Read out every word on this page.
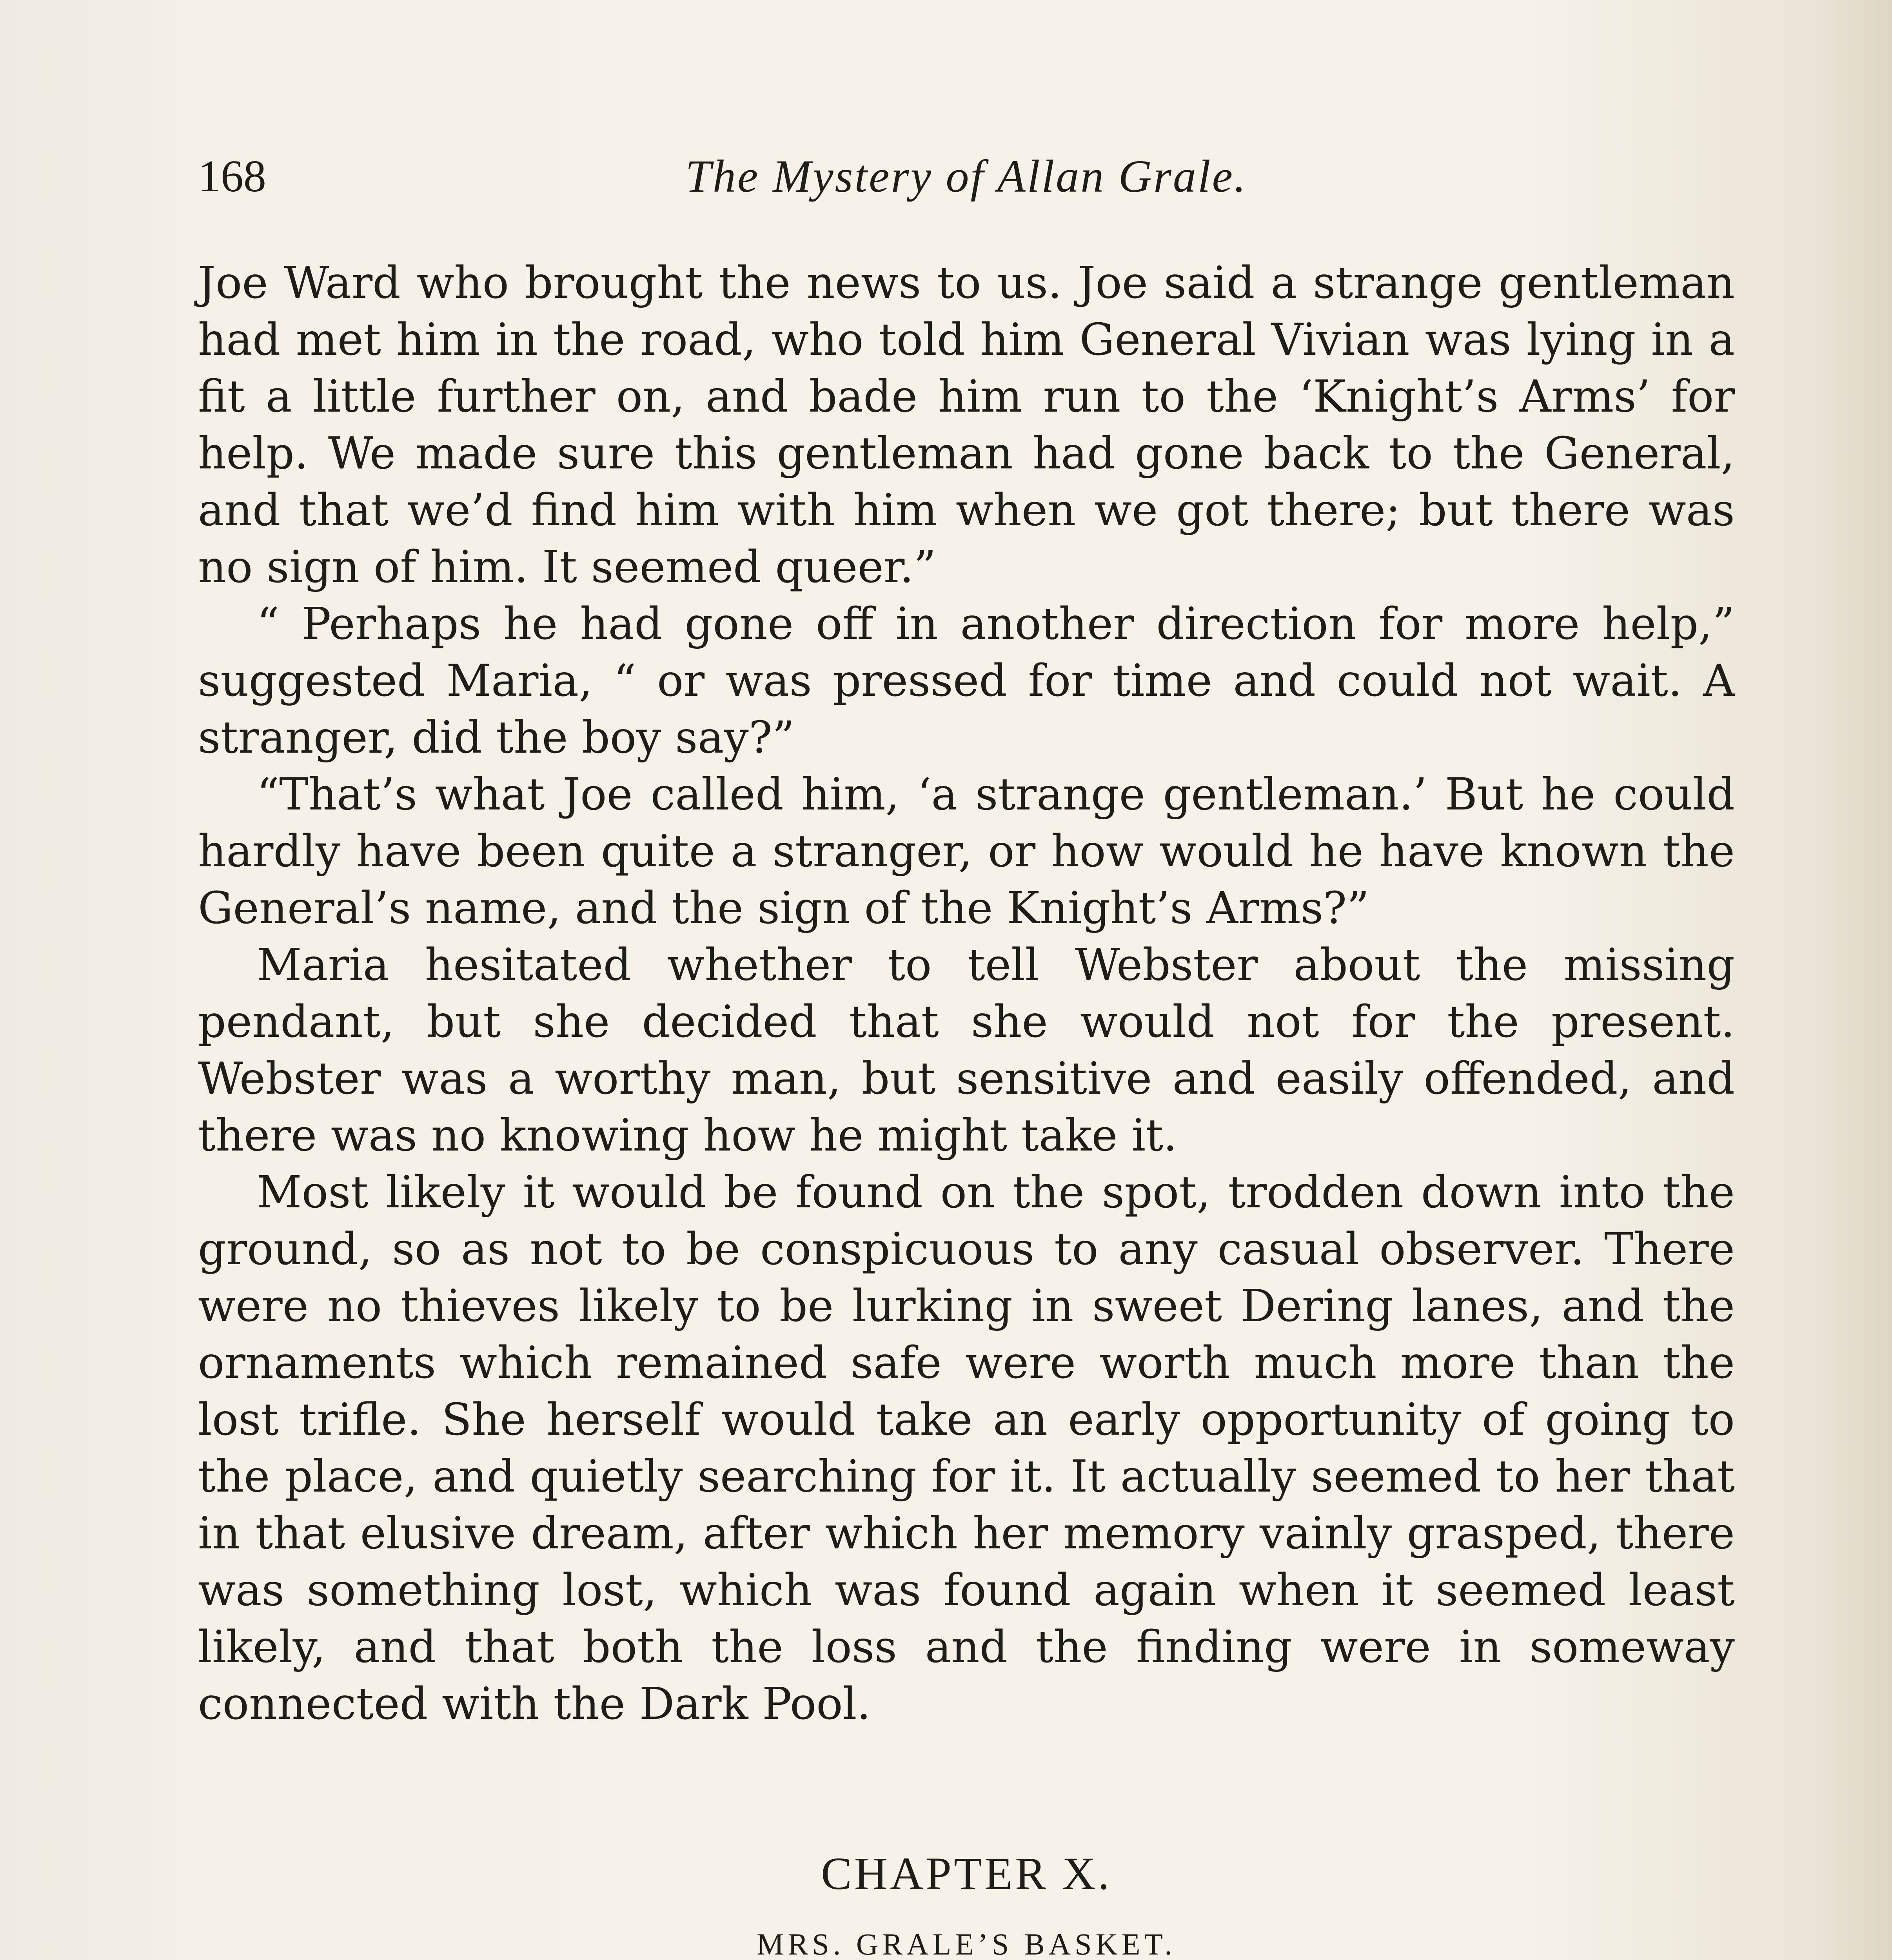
168	The Mystery of Allan Grale.

Joe Ward who brought the news to us. Joe said a strange gentleman had met him in the road, who told him General Vivian was lying in a fit a little further on, and bade him run to the ‘Knight’s Arms’ for help. We made sure this gentleman had gone back to the General, and that we’d find him with him when we got there; but there was no sign of him. It seemed queer.”

“ Perhaps he had gone off in another direction for more help,” suggested Maria, “ or was pressed for time and could not wait. A stranger, did the boy say?”

“That’s what Joe called him, ‘a strange gentleman.’ But he could hardly have been quite a stranger, or how would he have known the General’s name, and the sign of the Knight’s Arms?”

Maria hesitated whether to tell Webster about the missing pendant, but she decided that she would not for the present. Webster was a worthy man, but sensitive and easily offended, and there was no knowing how he might take it.

Most likely it would be found on the spot, trodden down into the ground, so as not to be conspicuous to any casual observer. There were no thieves likely to be lurking in sweet Dering lanes, and the ornaments which remained safe were worth much more than the lost trifle. She herself would take an early opportunity of going to the place, and quietly searching for it. It actually seemed to her that in that elusive dream, after which her memory vainly grasped, there was something lost, which was found again when it seemed least likely, and that both the loss and the finding were in someway connected with the Dark Pool.

CHAPTER X.
MRS. GRALE’S BASKET.
